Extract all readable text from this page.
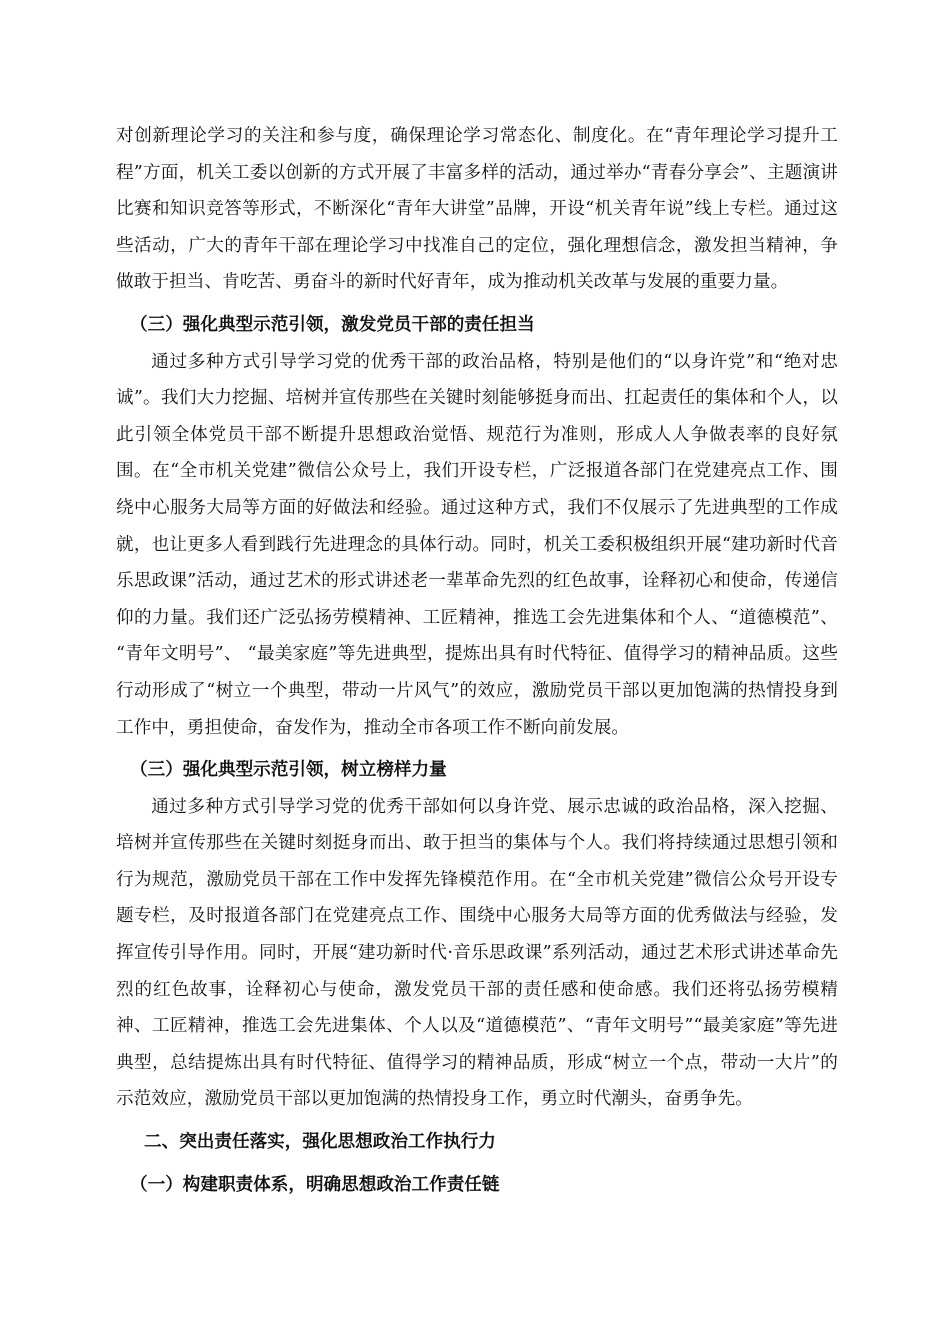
对创新理论学习的关注和参与度，确保理论学习常态化、制度化。在“青年理论学习提升工程”方面，机关工委以创新的方式开展了丰富多样的活动，通过举办“青春分享会”、主题演讲比赛和知识竞答等形式，不断深化“青年大讲堂”品牌，开设“机关青年说”线上专栏。通过这些活动，广大的青年干部在理论学习中找准自己的定位，强化理想信念，激发担当精神，争做敢于担当、肯吃苦、勇奋斗的新时代好青年，成为推动机关改革与发展的重要力量。

（三）强化典型示范引领，激发党员干部的责任担当

通过多种方式引导学习党的优秀干部的政治品格，特别是他们的“以身许党”和“绝对忠诚”。我们大力挖掘、培树并宣传那些在关键时刻能够挺身而出、扛起责任的集体和个人，以此引领全体党员干部不断提升思想政治觉悟、规范行为准则，形成人人争做表率的良好氛围。在“全市机关党建”微信公众号上，我们开设专栏，广泛报道各部门在党建亮点工作、围绕中心服务大局等方面的好做法和经验。通过这种方式，我们不仅展示了先进典型的工作成就，也让更多人看到践行先进理念的具体行动。同时，机关工委积极组织开展“建功新时代音乐思政课”活动，通过艺术的形式讲述老一辈革命先烈的红色故事，诠释初心和使命，传递信仰的力量。我们还广泛弘扬劳模精神、工匠精神，推选工会先进集体和个人、“道德模范”、 “青年文明号”、 “最美家庭”等先进典型，提炼出具有时代特征、值得学习的精神品质。这些行动形成了“树立一个典型，带动一片风气”的效应，激励党员干部以更加饱满的热情投身到工作中，勇担使命，奋发作为，推动全市各项工作不断向前发展。

（三）强化典型示范引领，树立榜样力量

通过多种方式引导学习党的优秀干部如何以身许党、展示忠诚的政治品格，深入挖掘、培树并宣传那些在关键时刻挺身而出、敢于担当的集体与个人。我们将持续通过思想引领和行为规范，激励党员干部在工作中发挥先锋模范作用。在“全市机关党建”微信公众号开设专题专栏，及时报道各部门在党建亮点工作、围绕中心服务大局等方面的优秀做法与经验，发挥宣传引导作用。同时，开展“建功新时代·音乐思政课”系列活动，通过艺术形式讲述革命先烈的红色故事，诠释初心与使命，激发党员干部的责任感和使命感。我们还将弘扬劳模精神、工匠精神，推选工会先进集体、个人以及“道德模范”、“青年文明号”“最美家庭”等先进典型，总结提炼出具有时代特征、值得学习的精神品质，形成“树立一个点，带动一大片”的示范效应，激励党员干部以更加饱满的热情投身工作，勇立时代潮头，奋勇争先。

二、突出责任落实，强化思想政治工作执行力

（一）构建职责体系，明确思想政治工作责任链
